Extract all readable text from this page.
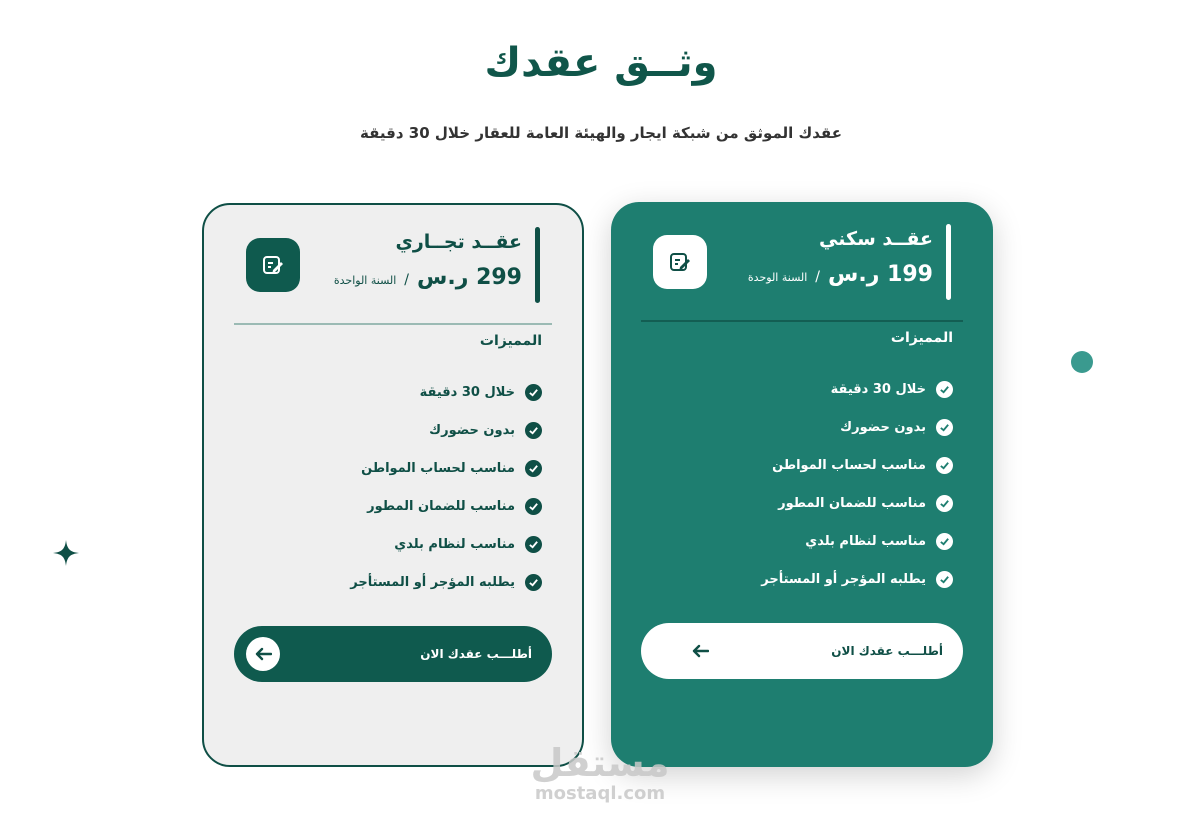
وثــق عقدك
عقدك الموثق من شبكة ايجار والهيئة العامة للعقار خلال 30 دقيقة
عقــد سكني
199 ر.س
/
السنة الوحدة
المميزات
خلال 30 دقيقة
بدون حضورك
مناسب لحساب المواطن
مناسب للضمان المطور
مناسب لنظام بلدي
يطلبه المؤجر أو المستأجر
أطلـــب عقدك الان
عقــد تجــاري
299 ر.س
/
السنة الواحدة
المميزات
خلال 30 دقيقة
بدون حضورك
مناسب لحساب المواطن
مناسب للضمان المطور
مناسب لنظام بلدي
يطلبه المؤجر أو المستأجر
أطلـــب عقدك الان
مستقل
mostaql.com
